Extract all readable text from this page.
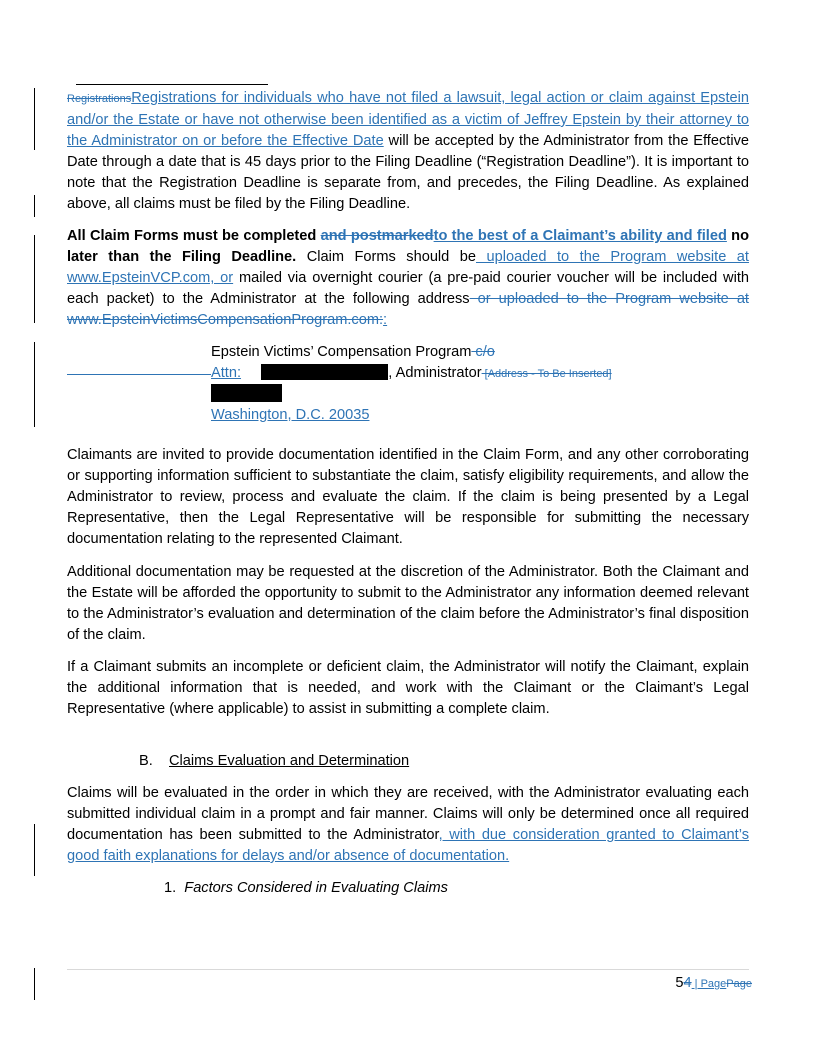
RegistrationsRegistrations for individuals who have not filed a lawsuit, legal action or claim against Epstein and/or the Estate or have not otherwise been identified as a victim of Jeffrey Epstein by their attorney to the Administrator on or before the Effective Date will be accepted by the Administrator from the Effective Date through a date that is 45 days prior to the Filing Deadline (“Registration Deadline”). It is important to note that the Registration Deadline is separate from, and precedes, the Filing Deadline. As explained above, all claims must be filed by the Filing Deadline.

All Claim Forms must be completed and postmarkedto the best of a Claimant’s ability and filed no later than the Filing Deadline. Claim Forms should be uploaded to the Program website at www.EpsteinVCP.com, or mailed via overnight courier (a pre-paid courier voucher will be included with each packet) to the Administrator at the following address or uploaded to the Program website at www.EpsteinVictimsCompensationProgram.com::

Epstein Victims’ Compensation Program c/o
Attn:	, Administrator [Address - To Be Inserted]
Washington, D.C. 20035

Claimants are invited to provide documentation identified in the Claim Form, and any other corroborating or supporting information sufficient to substantiate the claim, satisfy eligibility requirements, and allow the Administrator to review, process and evaluate the claim. If the claim is being presented by a Legal Representative, then the Legal Representative will be responsible for submitting the necessary documentation relating to the represented Claimant.

Additional documentation may be requested at the discretion of the Administrator. Both the Claimant and the Estate will be afforded the opportunity to submit to the Administrator any information deemed relevant to the Administrator’s evaluation and determination of the claim before the Administrator’s final disposition of the claim.

If a Claimant submits an incomplete or deficient claim, the Administrator will notify the Claimant, explain the additional information that is needed, and work with the Claimant or the Claimant’s Legal Representative (where applicable) to assist in submitting a complete claim.

B. Claims Evaluation and Determination

Claims will be evaluated in the order in which they are received, with the Administrator evaluating each submitted individual claim in a prompt and fair manner. Claims will only be determined once all required documentation has been submitted to the Administrator, with due consideration granted to Claimant’s good faith explanations for delays and/or absence of documentation.

1. Factors Considered in Evaluating Claims
54 | PagePage
